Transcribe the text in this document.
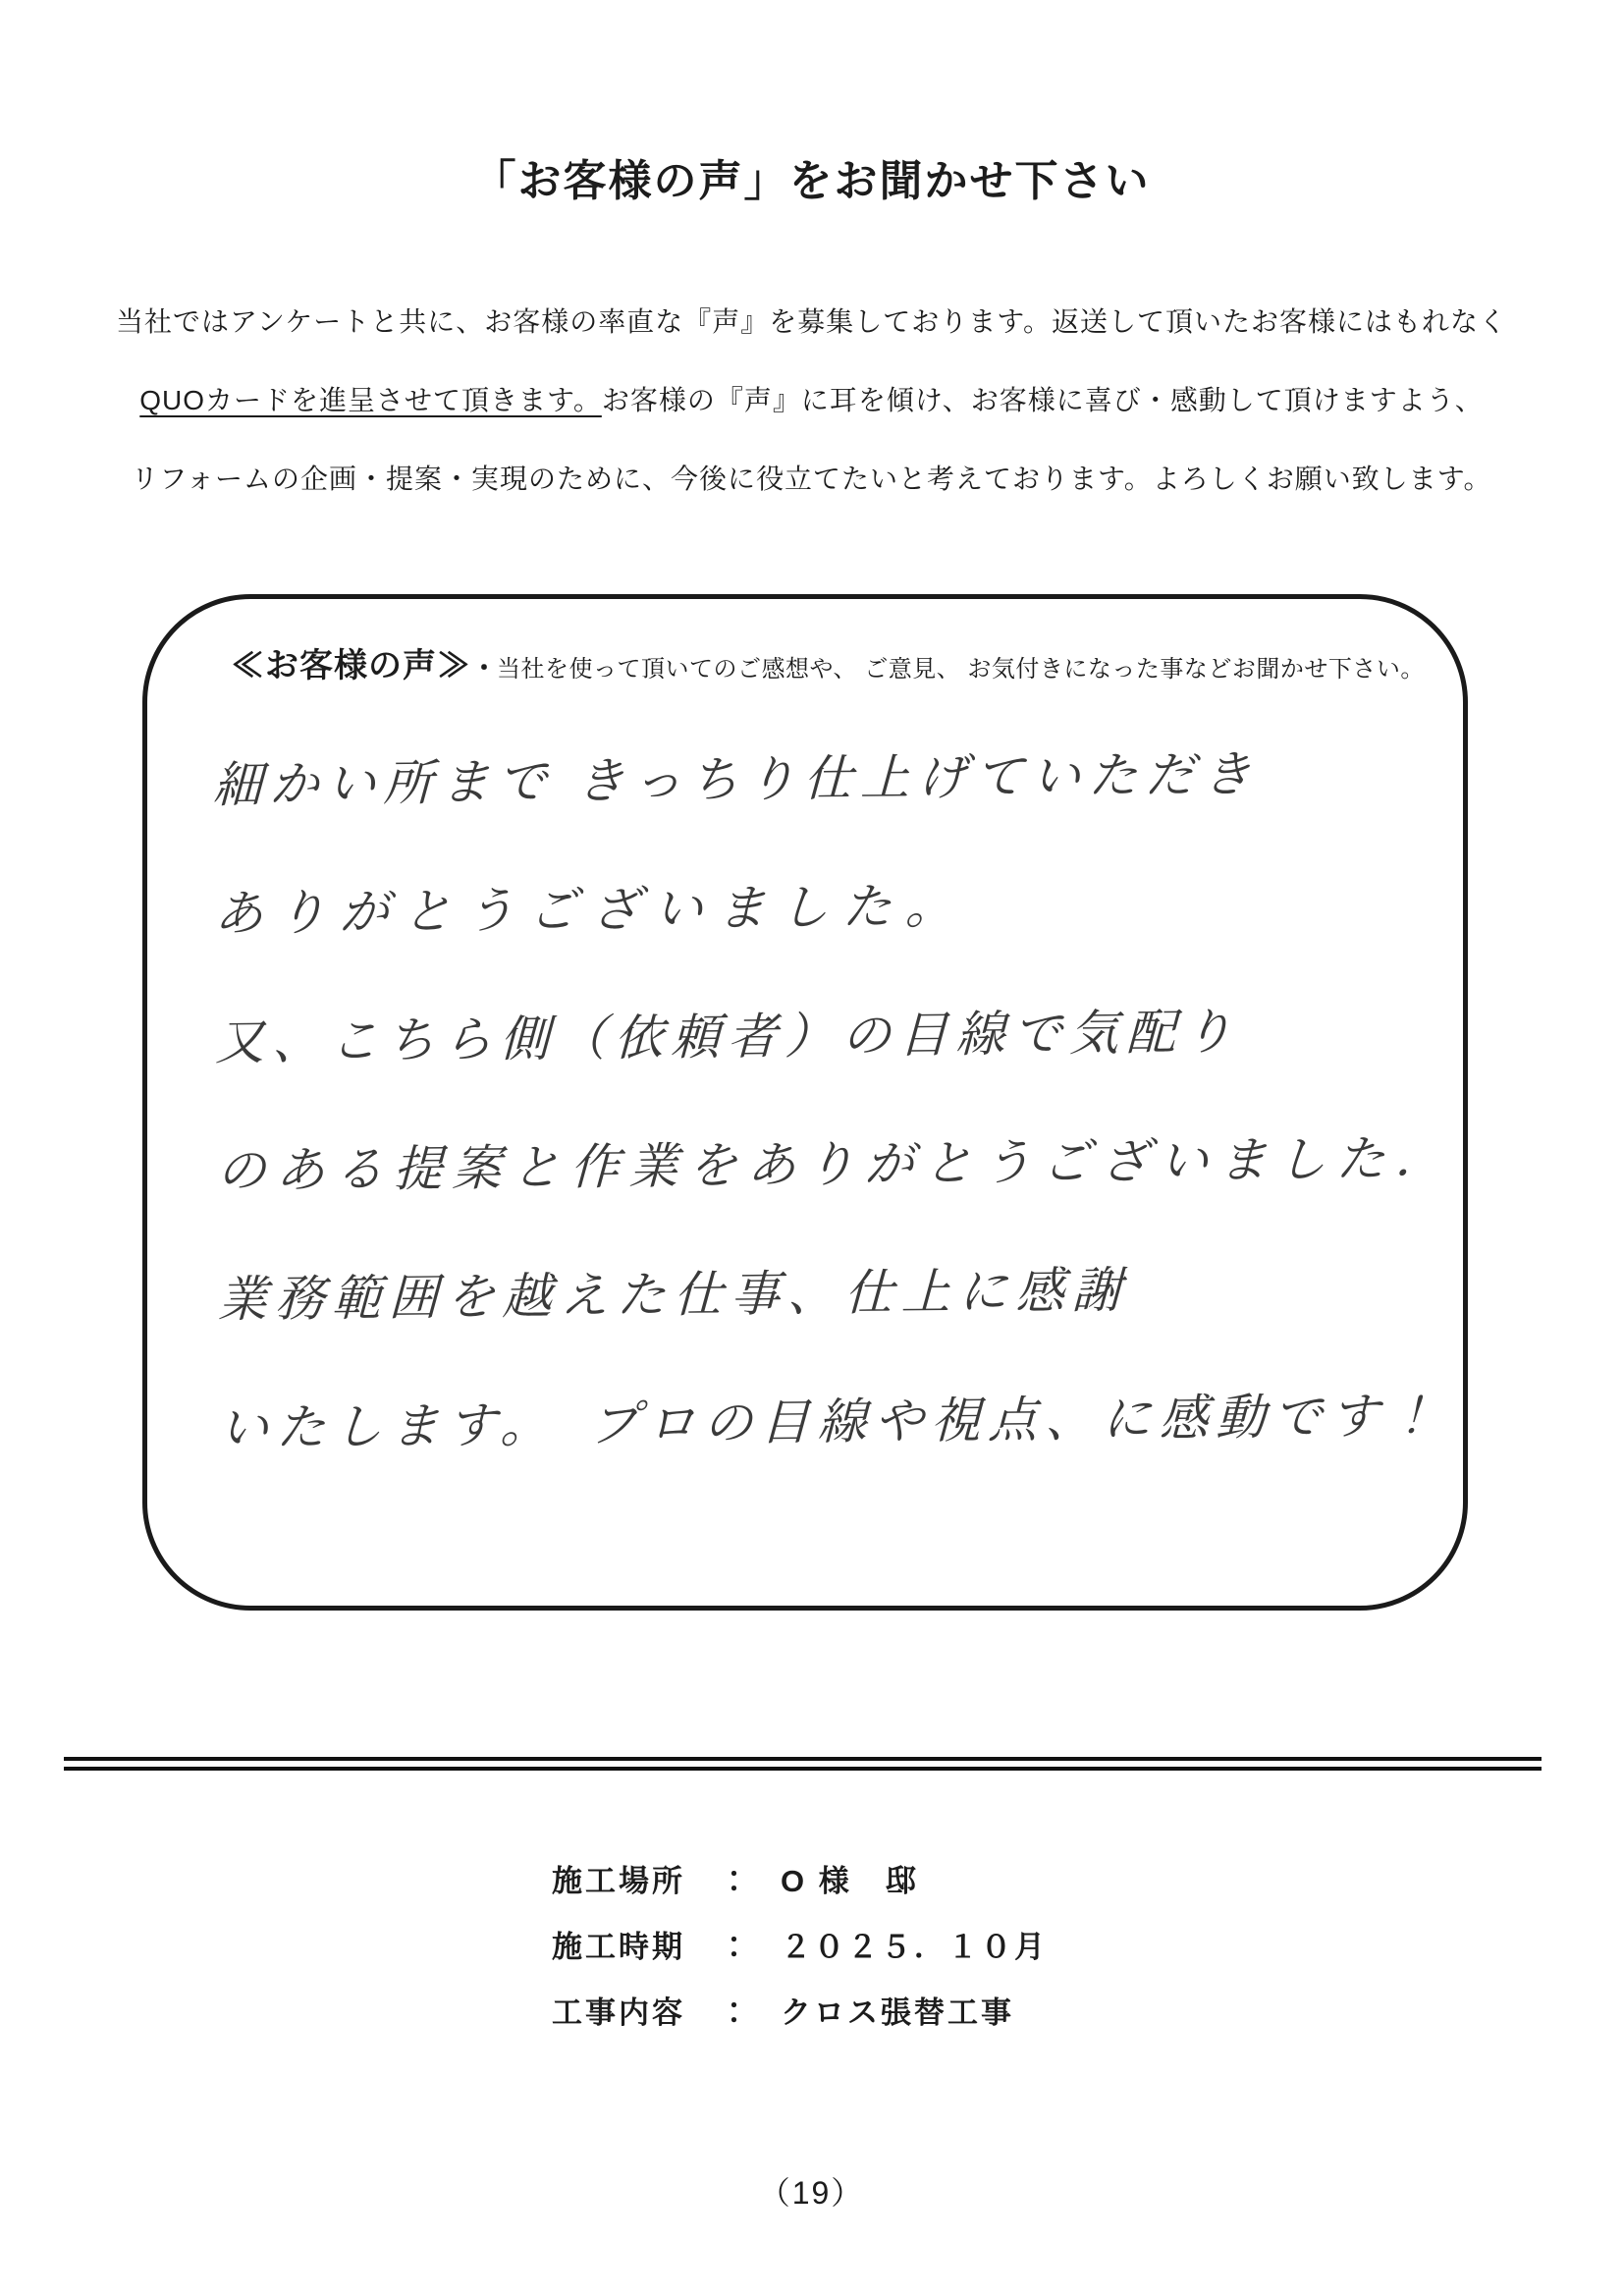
「お客様の声」をお聞かせ下さい

当社ではアンケートと共に、お客様の率直な『声』を募集しております。返送して頂いたお客様にはもれなく

QUOカードを進呈させて頂きます。お客様の『声』に耳を傾け、お客様に喜び・感動して頂けますよう、

リフォームの企画・提案・実現のために、今後に役立てたいと考えております。よろしくお願い致します。

≪お客様の声≫・当社を使って頂いてのご感想や、 ご意見、 お気付きになった事などお聞かせ下さい。

細かい所まで きっちり仕上げていただき

ありがとうございました。

又、こちら側（依頼者）の目線で気配り

のある提案と作業をありがとうございました．

業務範囲を越えた仕事、仕上に感謝

いたします。　プロの目線や視点、に感動です！

施工場所　 ： O 様　邸
施工時期　 ： ２０２５．１０月
工事内容　 ： クロス張替工事
（19）
